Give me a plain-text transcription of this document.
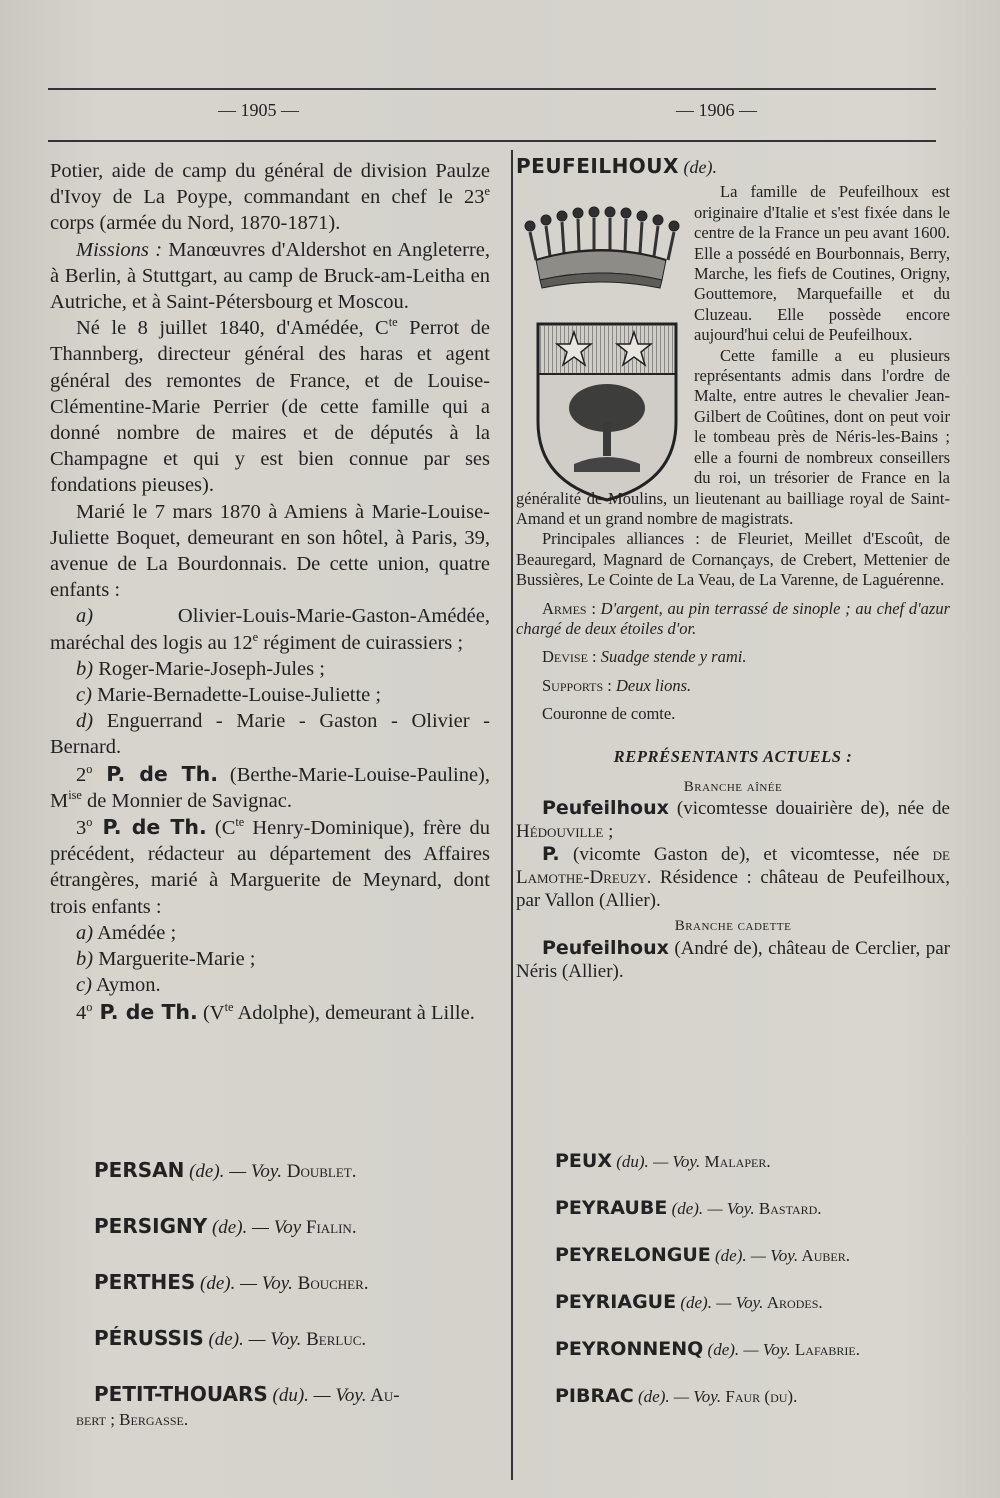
— 1905 —	— 1906 —

Potier, aide de camp du général de division Paulze d'Ivoy de La Poype, commandant en chef le 23e corps (armée du Nord, 1870-1871).

Missions : Manœuvres d'Aldershot en Angleterre, à Berlin, à Stuttgart, au camp de Bruck-am-Leitha en Autriche, et à Saint-Pétersbourg et Moscou.

Né le 8 juillet 1840, d'Amédée, $C^{te}$ Perrot de Thannberg, directeur général des haras et agent général des remontes de France, et de Louise-Clémentine-Marie Perrier (de cette famille qui a donné nombre de maires et de députés à la Champagne et qui y est bien connue par ses fondations pieuses).

Marié le 7 mars 1870 à Amiens à Marie-Louise-Juliette Boquet, demeurant en son hôtel, à Paris, 39, avenue de La Bourdonnais. De cette union, quatre enfants :

a) Olivier-Louis-Marie-Gaston-Amédée, maréchal des logis au 12e régiment de cuirassiers ;

b) Roger-Marie-Joseph-Jules ;

c) Marie-Bernadette-Louise-Juliette ;

d) Enguerrand - Marie - Gaston - Olivier - Bernard.

2$^o$ P. de Th. (Berthe-Marie-Louise-Pauline), $M^{ise}$ de Monnier de Savignac.

3$^o$ P. de Th. ($C^{te}$ Henry-Dominique), frère du précédent, rédacteur au département des Affaires étrangères, marié à Marguerite de Meynard, dont trois enfants :

a) Amédée ;

b) Marguerite-Marie ;

c) Aymon.

4$^o$ P. de Th. ($V^{te}$ Adolphe), demeurant à Lille.

PERSAN (de). — Voy. Doublet.
PERSIGNY (de). — Voy Fialin.
PERTHES (de). — Voy. Boucher.
PÉRUSSIS (de). — Voy. Berluc.
PETIT-THOUARS (du). — Voy. Au-
bert ; Bergasse.

PEUFEILHOUX (de).

La famille de Peufeilhoux est originaire d'Italie et s'est fixée dans le centre de la France un peu avant 1600. Elle a possédé en Bourbonnais, Berry, Marche, les fiefs de Coutines, Origny, Gouttemore, Marquefaille et du Cluzeau. Elle possède encore aujourd'hui celui de Peufeilhoux.

Cette famille a eu plusieurs représentants admis dans l'ordre de Malte, entre autres le chevalier Jean-Gilbert de Coûtines, dont on peut voir le tombeau près de Néris-les-Bains ; elle a fourni de nombreux conseillers du roi, un trésorier de France en la généralité de Moulins, un lieutenant au bailliage royal de Saint-Amand et un grand nombre de magistrats.

Principales alliances : de Fleuriet, Meillet d'Escoût, de Beauregard, Magnard de Cornançays, de Crebert, Mettenier de Bussières, Le Cointe de La Veau, de La Varenne, de Laguérenne.

Armes : D'argent, au pin terrassé de sinople ; au chef d'azur chargé de deux étoiles d'or.

Devise : Suadge stende y rami.

Supports : Deux lions.

Couronne de comte.

REPRÉSENTANTS ACTUELS :

Branche aînée

Peufeilhoux (vicomtesse douairière de), née de Hédouville ;

P. (vicomte Gaston de), et vicomtesse, née de Lamothe-Dreuzy. Résidence : château de Peufeilhoux, par Vallon (Allier).

Branche cadette

Peufeilhoux (André de), château de Cerclier, par Néris (Allier).

PEUX (du). — Voy. Malaper.
PEYRAUBE (de). — Voy. Bastard.
PEYRELONGUE (de). — Voy. Auber.
PEYRIAGUE (de). — Voy. Arodes.
PEYRONNENQ (de). — Voy. Lafabrie.
PIBRAC (de). — Voy. Faur (du).
